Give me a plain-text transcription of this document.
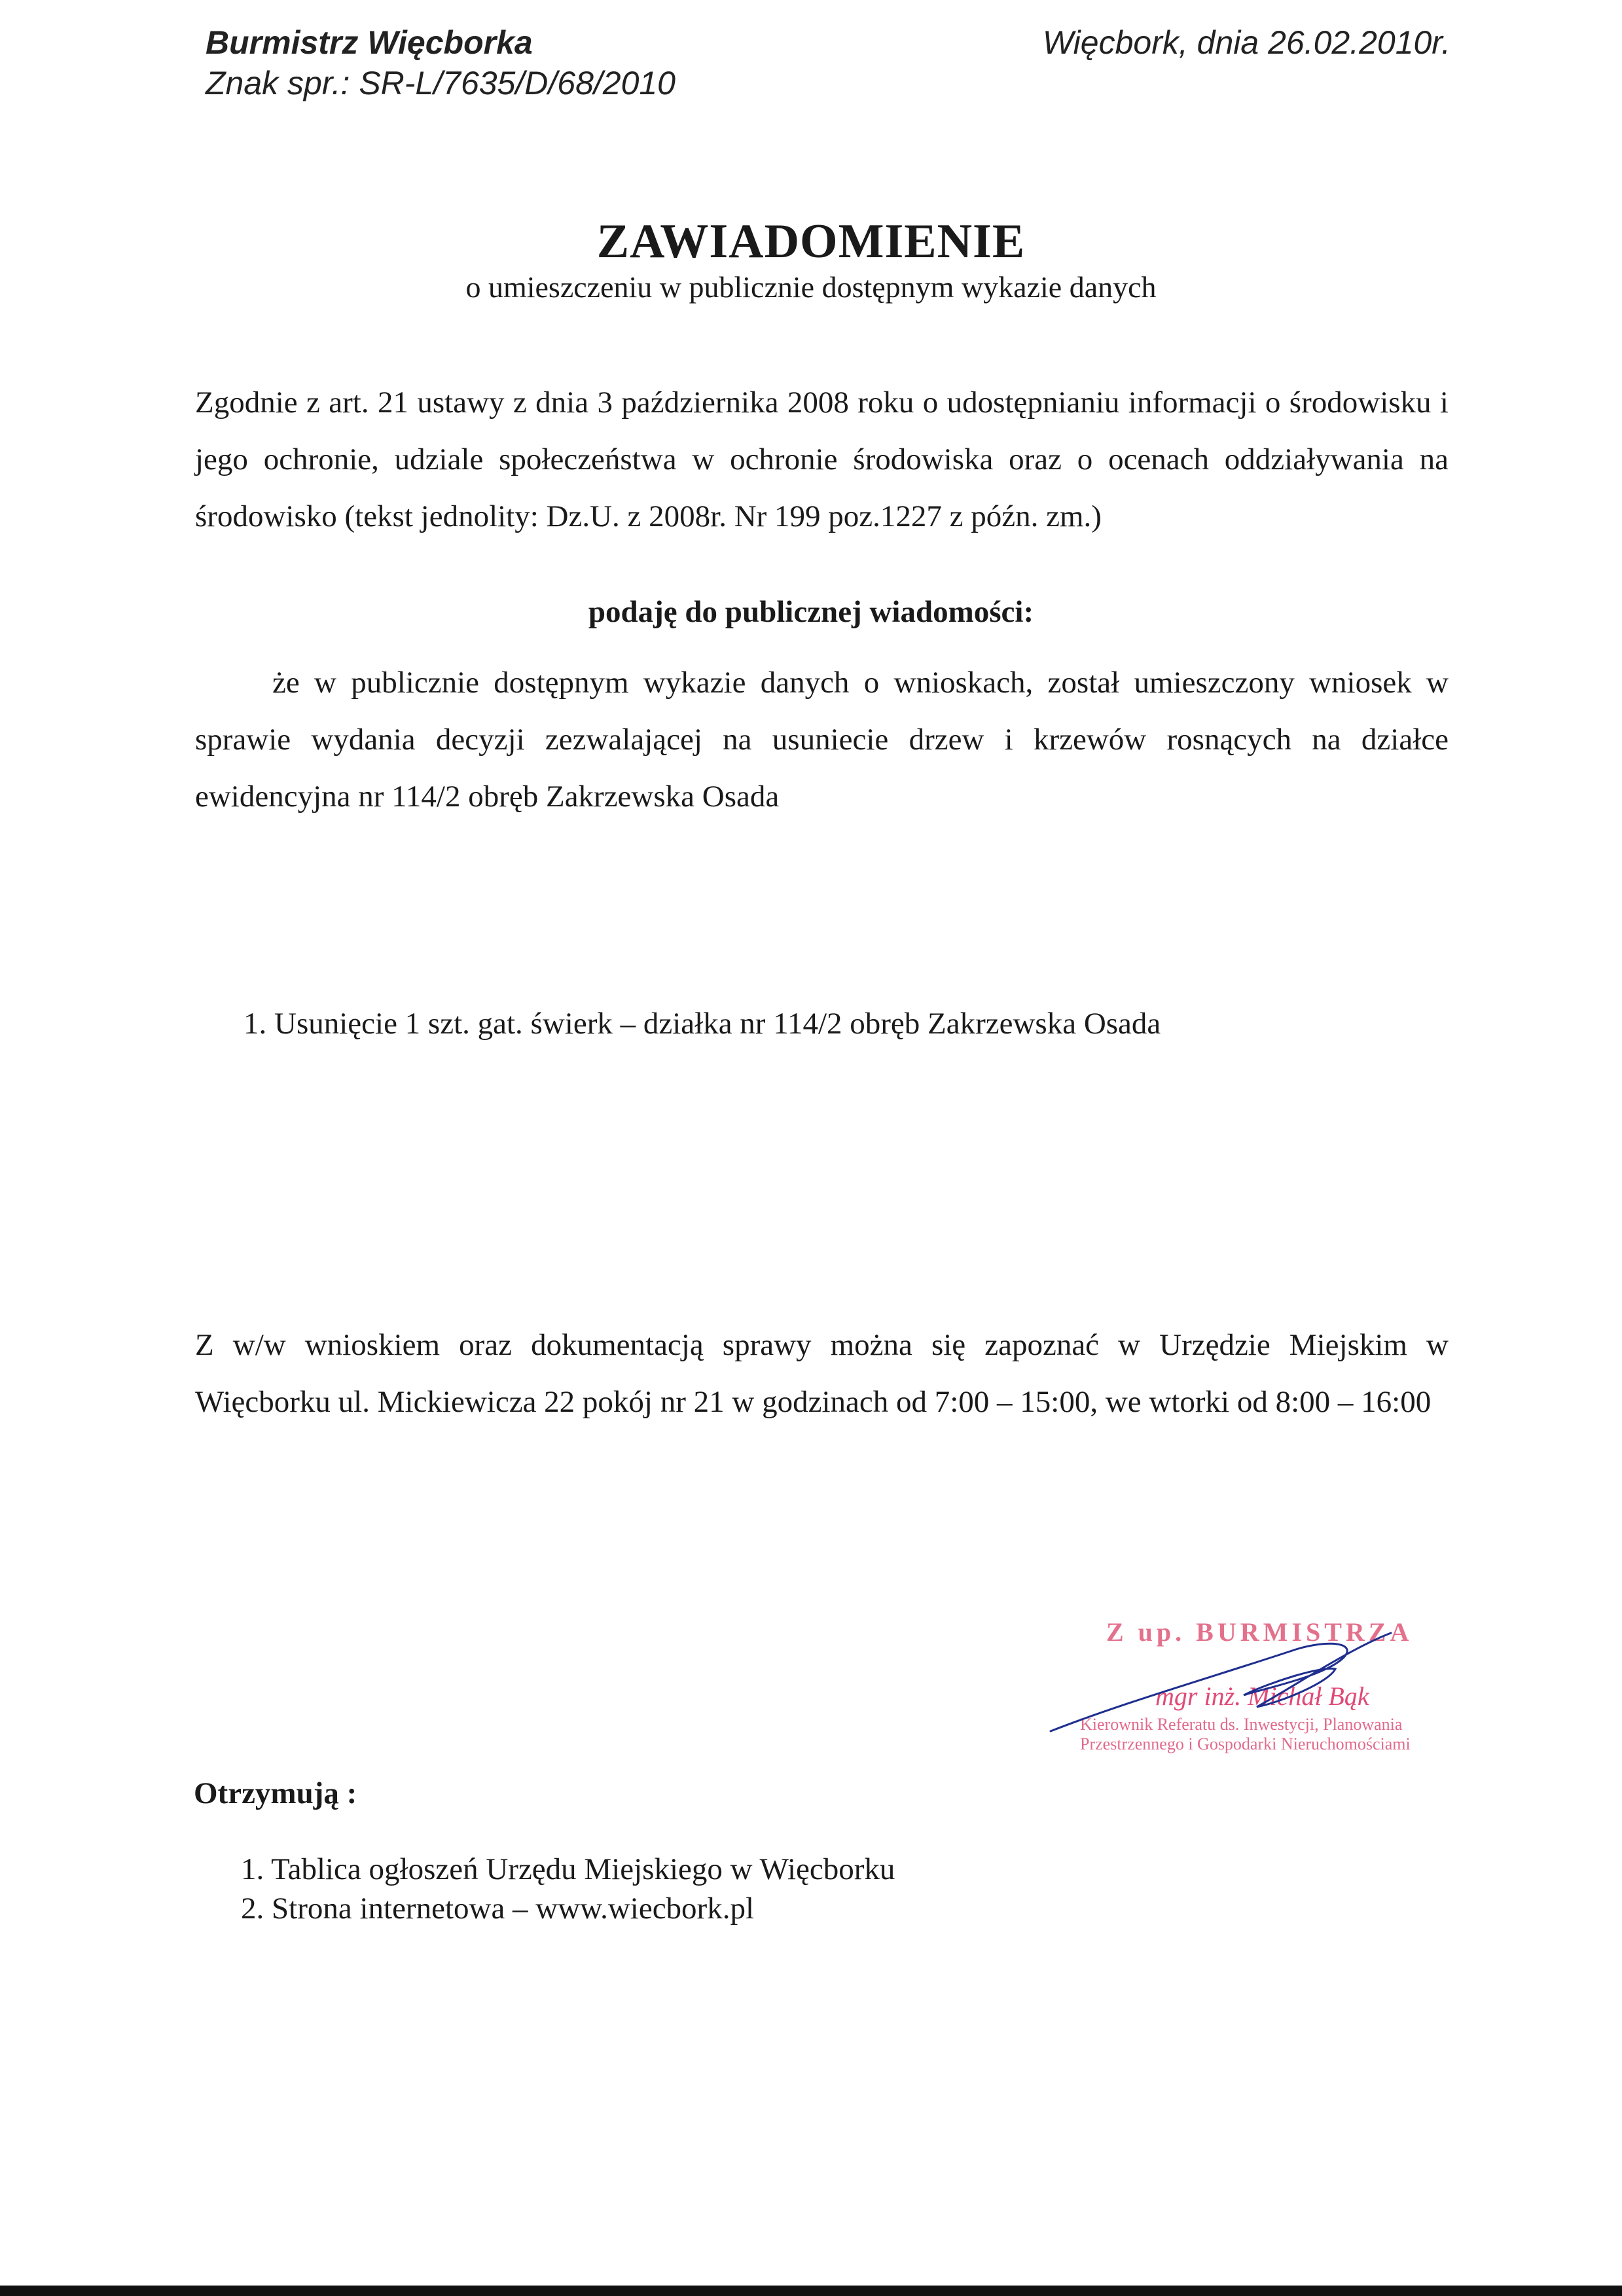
Burmistrz Więcborka
Znak spr.: SR-L/7635/D/68/2010
Więcbork, dnia 26.02.2010r.
ZAWIADOMIENIE
o umieszczeniu w publicznie dostępnym wykazie danych
Zgodnie z art. 21 ustawy z dnia 3 października 2008 roku o udostępnianiu informacji o środowisku i jego ochronie, udziale społeczeństwa w ochronie środowiska oraz o ocenach oddziaływania na środowisko (tekst jednolity: Dz.U. z 2008r. Nr 199 poz.1227 z późn. zm.)
podaję do publicznej wiadomości:
że w publicznie dostępnym wykazie danych o wnioskach, został umieszczony wniosek w sprawie wydania decyzji zezwalającej na usuniecie drzew i krzewów rosnących na działce ewidencyjna nr 114/2 obręb Zakrzewska Osada
1. Usunięcie 1 szt. gat. świerk – działka nr 114/2 obręb Zakrzewska Osada
Z w/w wnioskiem oraz dokumentacją sprawy można się zapoznać w Urzędzie Miejskim w Więcborku ul. Mickiewicza 22 pokój nr 21 w godzinach od 7:00 – 15:00, we wtorki od 8:00 – 16:00
Z up. BURMISTRZA
mgr inż. Michał Bąk
Kierownik Referatu ds. Inwestycji, Planowania
Przestrzennego i Gospodarki Nieruchomościami
Otrzymują :
1. Tablica ogłoszeń Urzędu Miejskiego w Więcborku
2. Strona internetowa – www.wiecbork.pl
